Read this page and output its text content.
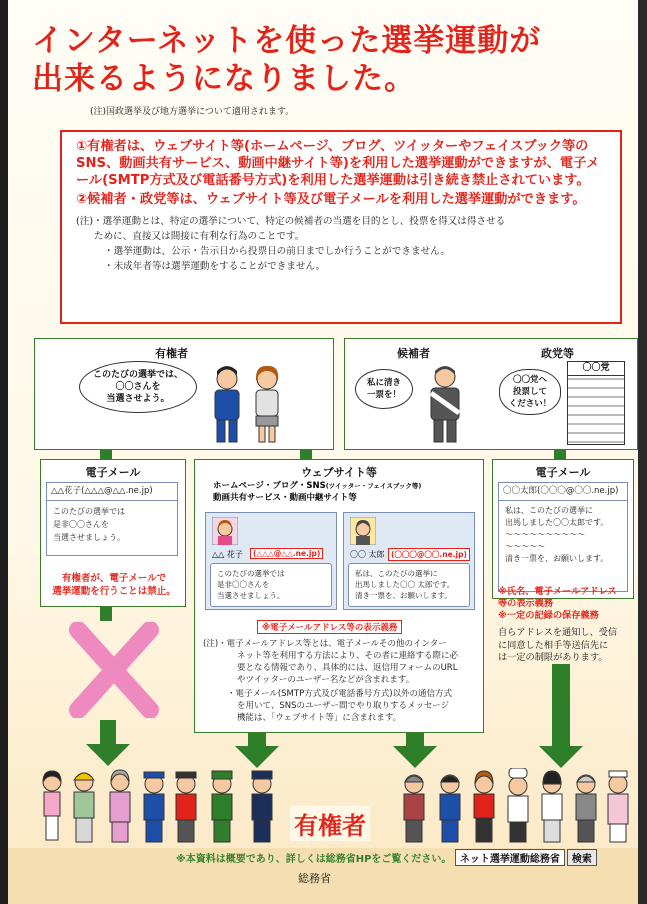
インターネットを使った選挙運動が
出来るようになりました。
(注)国政選挙及び地方選挙について適用されます。
①有権者は、ウェブサイト等(ホームページ、ブログ、ツイッターやフェイスブック等のSNS、動画共有サービス、動画中継サイト等)を利用した選挙運動ができますが、電子メール(SMTP方式及び電話番号方式)を利用した選挙運動は引き続き禁止されています。
②候補者・政党等は、ウェブサイト等及び電子メールを利用した選挙運動ができます。
(注)・選挙運動とは、特定の選挙について、特定の候補者の当選を目的とし、投票を得又は得させる
ために、直接又は間接に有利な行為のことです。
・選挙運動は、公示・告示日から投票日の前日までしか行うことができません。
・未成年者等は選挙運動をすることができません。
有権者
このたびの選挙では、
〇〇さんを
当選させよう。
候補者	政党等
私に清き
一票を！
〇〇党へ
投票して
ください！
〇〇党
電子メール
△△花子(△△△@△△.ne.jp)
このたびの選挙では
是非〇〇さんを
当選させましょう。
有権者が、電子メールで
選挙運動を行うことは禁止。
ウェブサイト等
ホームページ・ブログ・SNS(ツイッター・フェイスブック等)
動画共有サービス・動画中継サイト等
△△ 花子	(△△△@△△.ne.jp)
このたびの選挙では
是非〇〇さんを
当選させましょう。
〇〇 太郎 (〇〇〇@〇〇.ne.jp)
私は、このたびの選挙に
出馬しました〇〇 太郎です。
清き一票を、お願いします。
※電子メールアドレス等の表示義務
(注)・電子メールアドレス等とは、電子メールその他のインター
ネット等を利用する方法により、その者に連絡する際に必
要となる情報であり、具体的には、返信用フォームのURL
やツイッターのユーザー名などが含まれます。
・電子メール(SMTP方式及び電話番号方式)以外の通信方式
を用いて、SNSのユーザー間でやり取りするメッセージ
機能は、「ウェブサイト等」に含まれます。
電子メール
〇〇太郎(〇〇〇@〇〇.ne.jp)
私は、このたびの選挙に
出馬しました〇〇太郎です。
〜〜〜〜〜〜〜〜〜〜
〜〜〜〜〜
清き一票を、お願いします。
※氏名、電子メールアドレス
等の表示義務
※一定の記録の保存義務
自らアドレスを通知し、受信
に同意した相手等送信先に
は一定の制限があります。
有権者
※本資料は概要であり、詳しくは総務省HPをご覧ください。 ネット選挙運動総務省 検索
総務省
